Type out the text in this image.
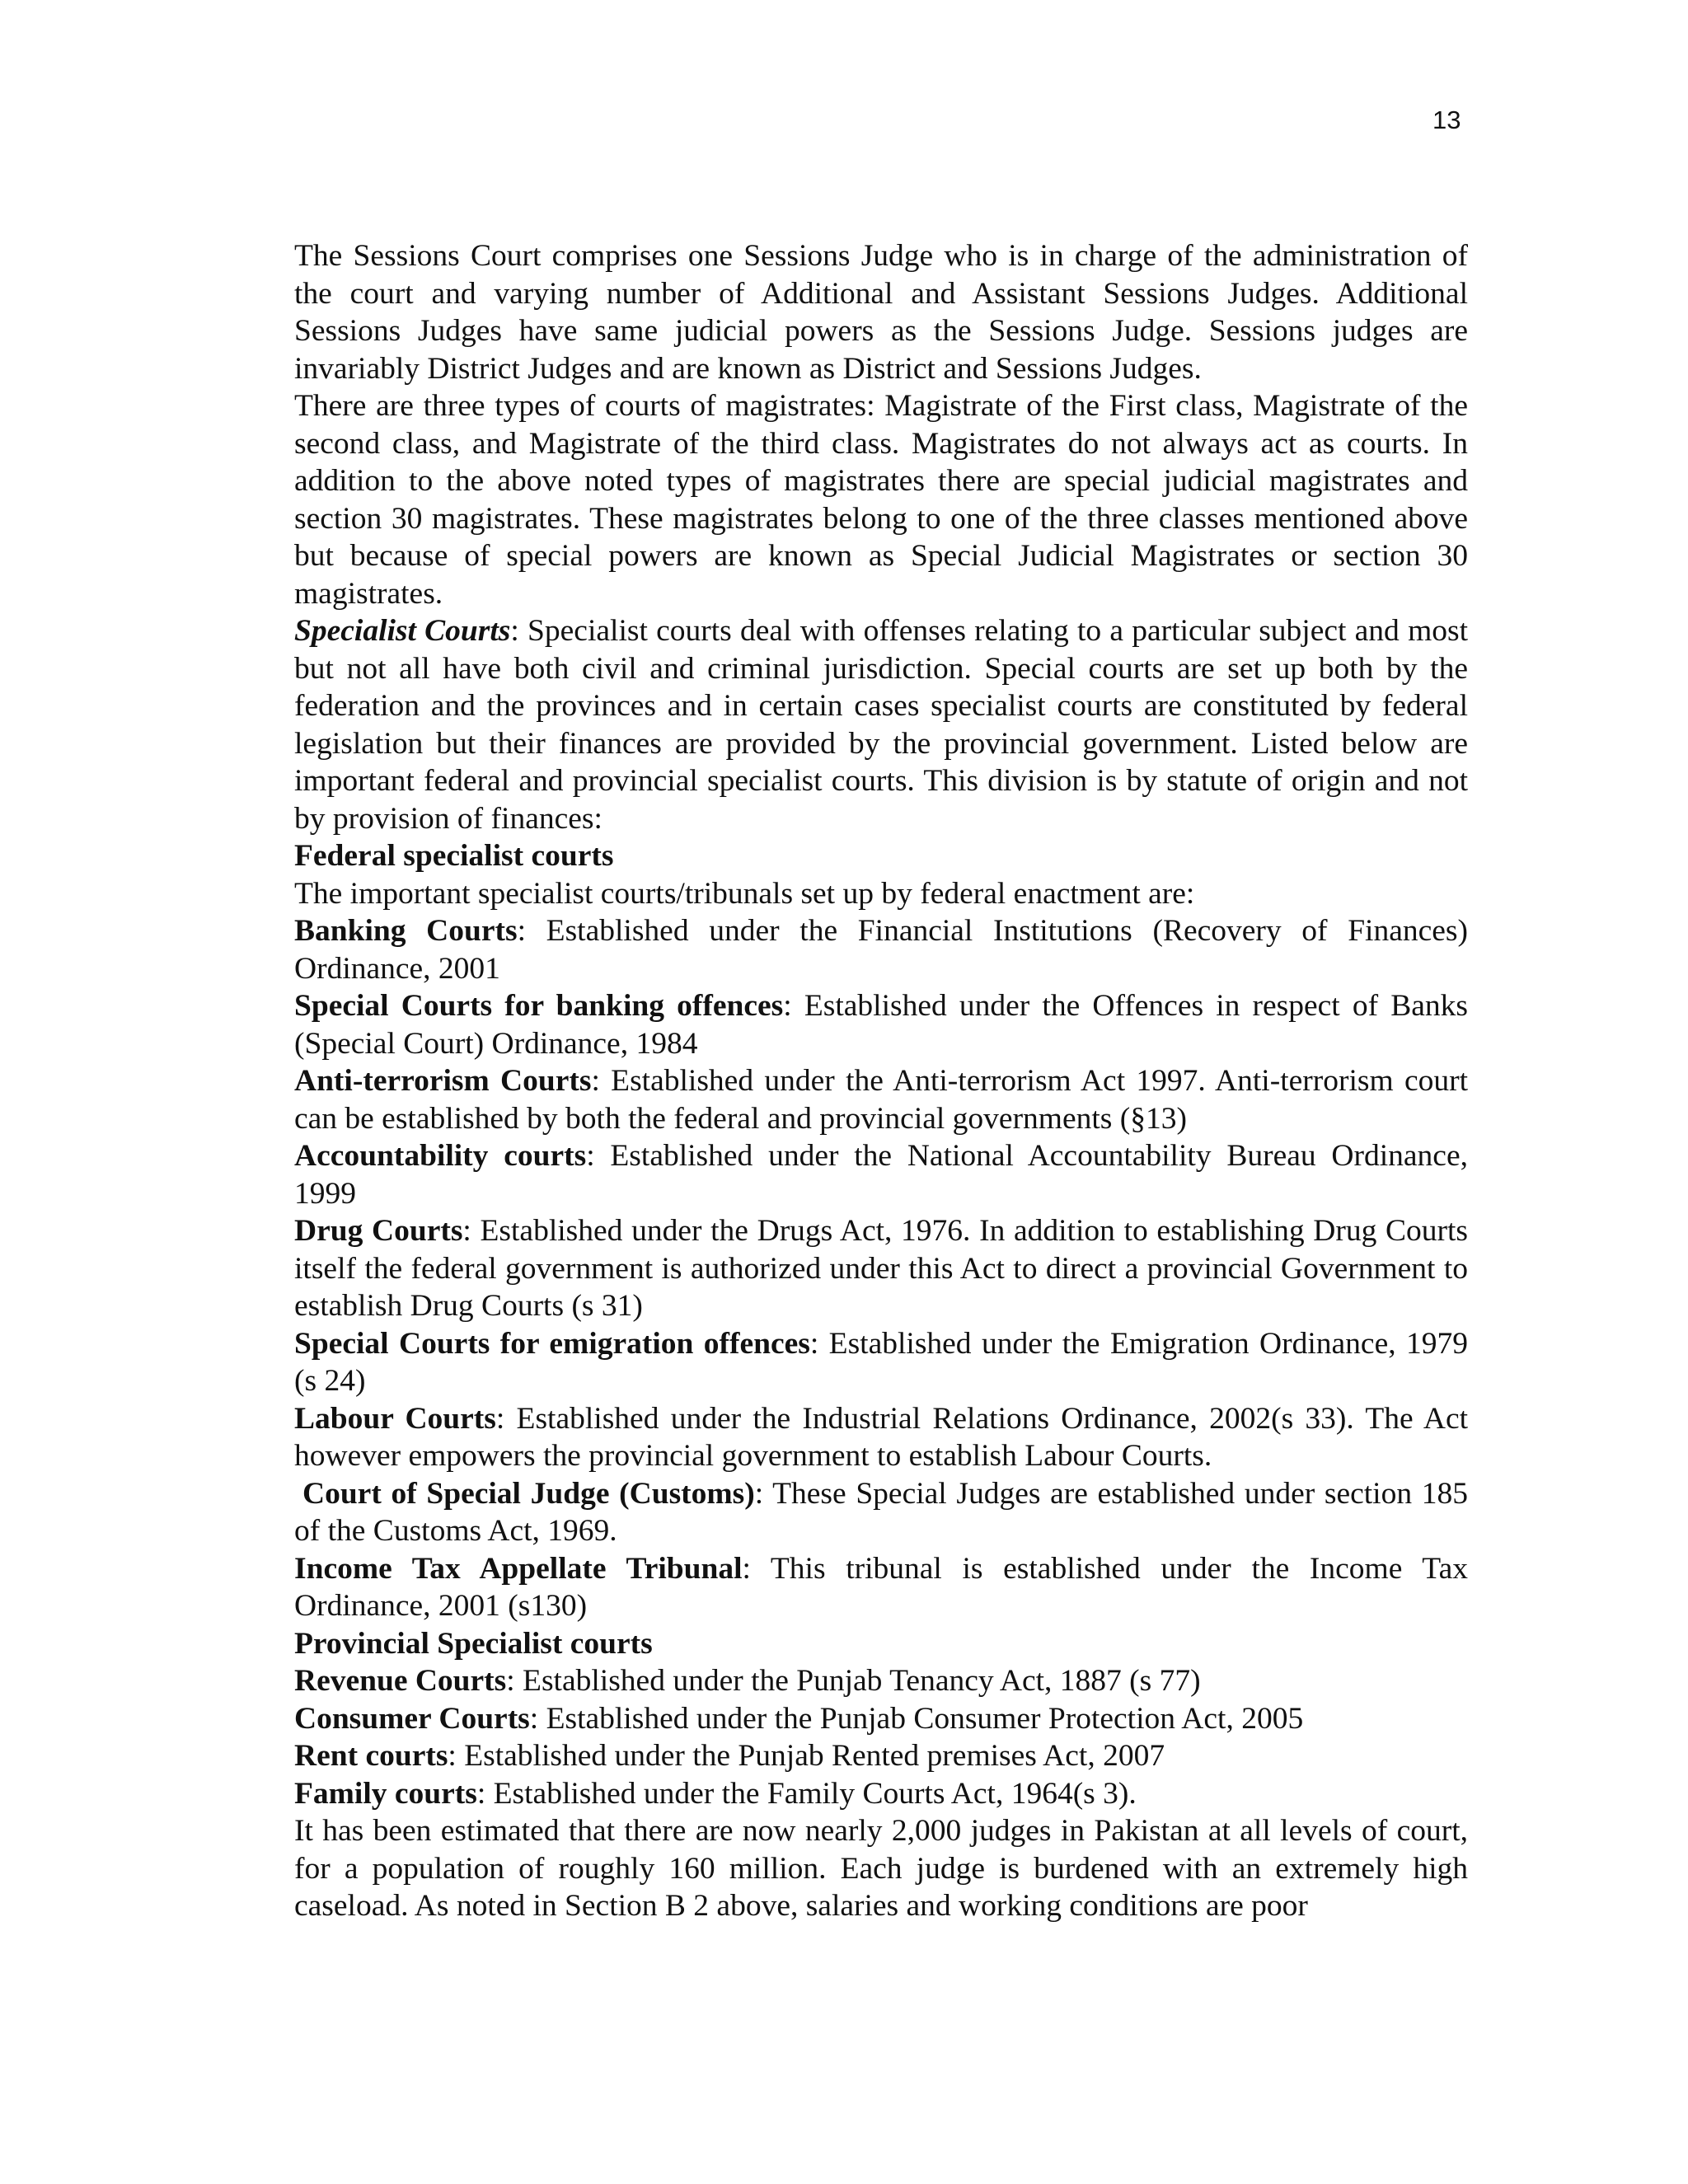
13

The Sessions Court comprises one Sessions Judge who is in charge of the administration of the court and varying number of Additional and Assistant Sessions Judges. Additional Sessions Judges have same judicial powers as the Sessions Judge. Sessions judges are invariably District Judges and are known as District and Sessions Judges.

There are three types of courts of magistrates: Magistrate of the First class, Magistrate of the second class, and Magistrate of the third class. Magistrates do not always act as courts. In addition to the above noted types of magistrates there are special judicial magistrates and section 30 magistrates. These magistrates belong to one of the three classes mentioned above but because of special powers are known as Special Judicial Magistrates or section 30 magistrates.

Specialist Courts: Specialist courts deal with offenses relating to a particular subject and most but not all have both civil and criminal jurisdiction. Special courts are set up both by the federation and the provinces and in certain cases specialist courts are constituted by federal legislation but their finances are provided by the provincial government. Listed below are important federal and provincial specialist courts. This division is by statute of origin and not by provision of finances:

Federal specialist courts

The important specialist courts/tribunals set up by federal enactment are:

Banking Courts: Established under the Financial Institutions (Recovery of Finances) Ordinance, 2001

Special Courts for banking offences: Established under the Offences in respect of Banks (Special Court) Ordinance, 1984

Anti-terrorism Courts: Established under the Anti-terrorism Act 1997. Anti-terrorism court can be established by both the federal and provincial governments (§13)

Accountability courts: Established under the National Accountability Bureau Ordinance, 1999

Drug Courts: Established under the Drugs Act, 1976. In addition to establishing Drug Courts itself the federal government is authorized under this Act to direct a provincial Government to establish Drug Courts (s 31)

Special Courts for emigration offences: Established under the Emigration Ordinance, 1979 (s 24)

Labour Courts: Established under the Industrial Relations Ordinance, 2002(s 33). The Act however empowers the provincial government to establish Labour Courts.

Court of Special Judge (Customs): These Special Judges are established under section 185 of the Customs Act, 1969.

Income Tax Appellate Tribunal: This tribunal is established under the Income Tax Ordinance, 2001 (s130)

Provincial Specialist courts

Revenue Courts: Established under the Punjab Tenancy Act, 1887 (s 77)

Consumer Courts: Established under the Punjab Consumer Protection Act, 2005

Rent courts: Established under the Punjab Rented premises Act, 2007

Family courts: Established under the Family Courts Act, 1964(s 3).

It has been estimated that there are now nearly 2,000 judges in Pakistan at all levels of court, for a population of roughly 160 million. Each judge is burdened with an extremely high caseload. As noted in Section B 2 above, salaries and working conditions are poor
